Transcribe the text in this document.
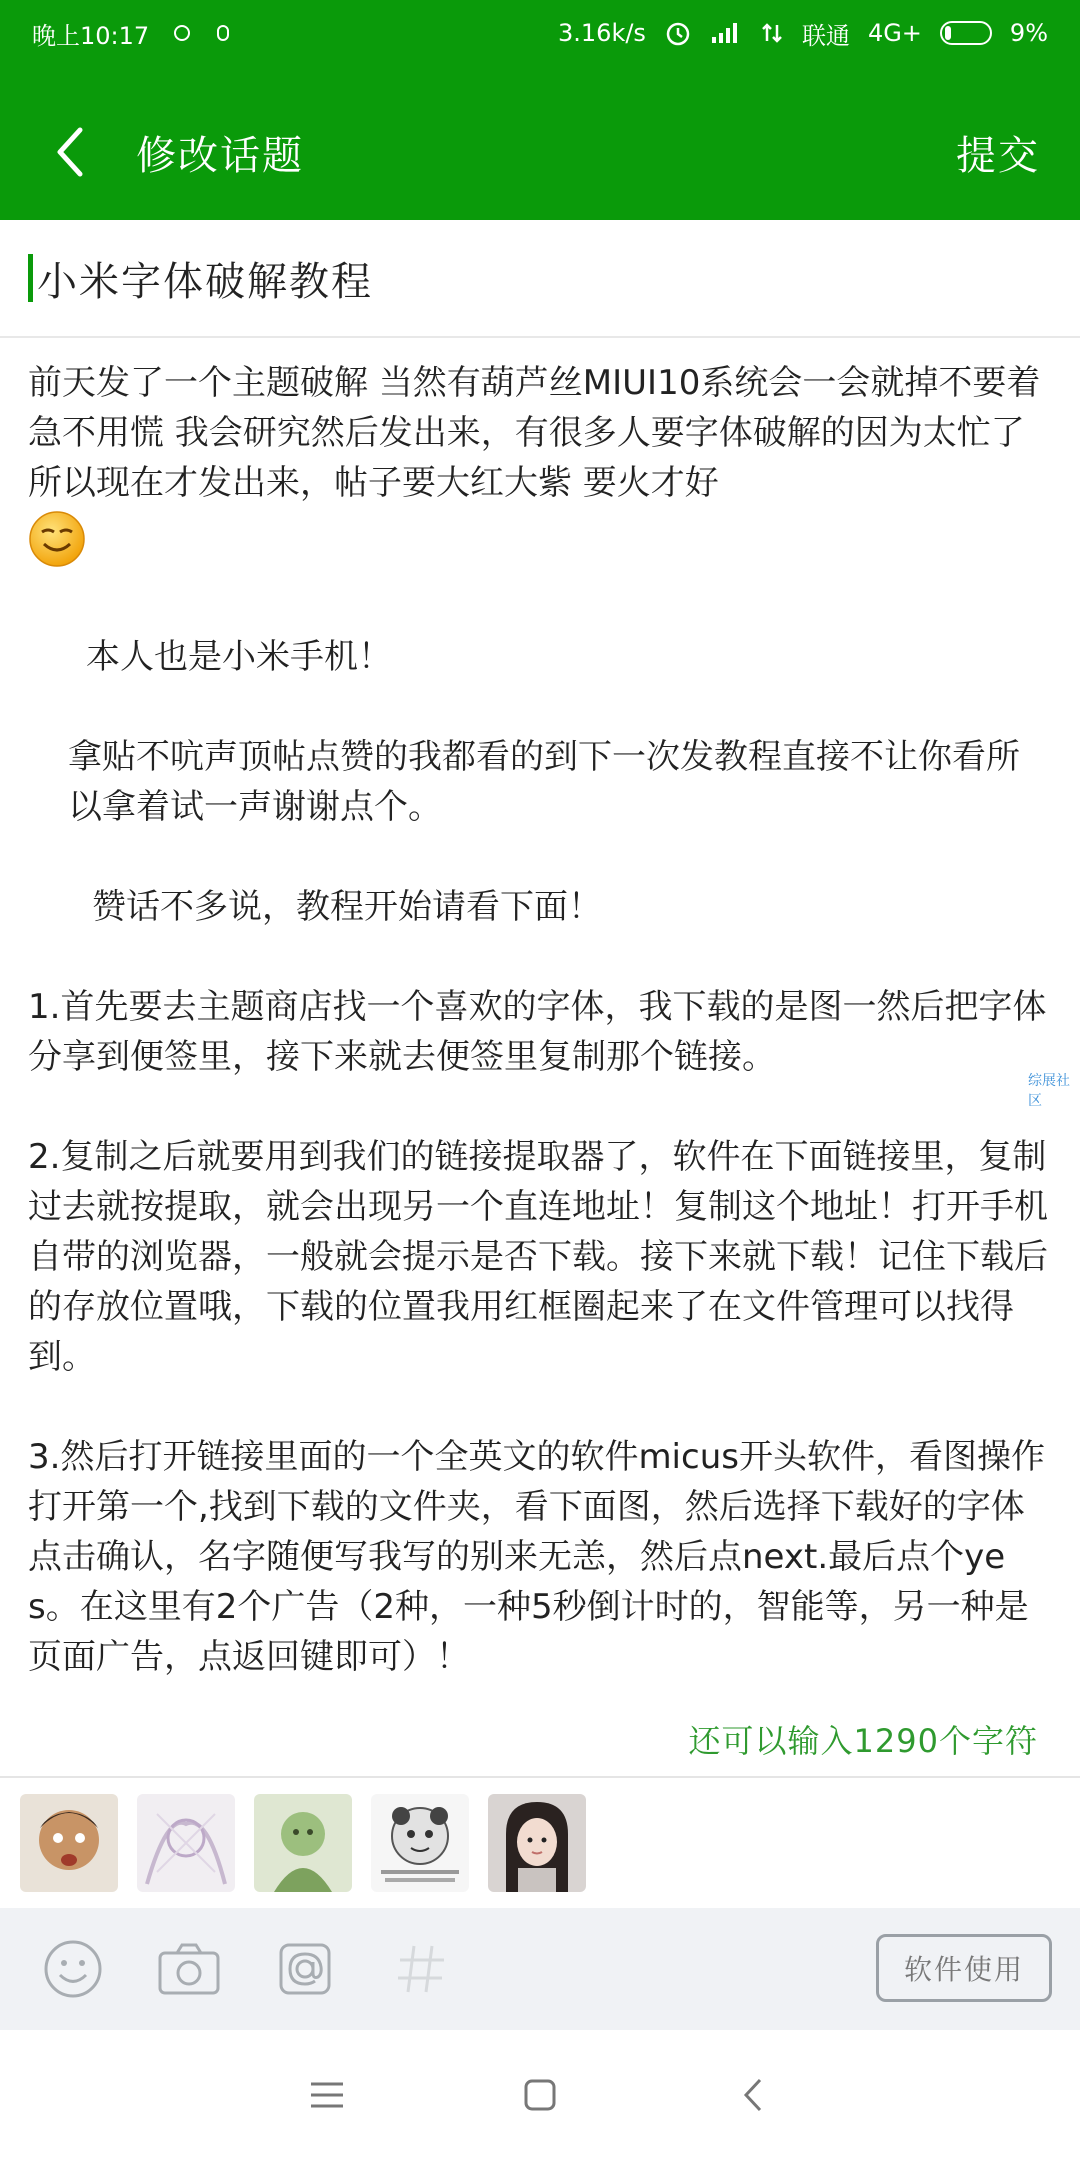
晚上10:17	3.16k/s	联通 4G+	9%
修改话题	提交
小米字体破解教程

前天发了一个主题破解 当然有葫芦丝MIUI10系统会一会就掉不要着急不用慌 我会研究然后发出来，有很多人要字体破解的因为太忙了所以现在才发出来，帖子要大红大紫 要火才好

本人也是小米手机！

拿贴不吭声顶帖点赞的我都看的到下一次发教程直接不让你看所以拿着试一声谢谢点个。

赞话不多说，教程开始请看下面！

1.首先要去主题商店找一个喜欢的字体，我下载的是图一然后把字体分享到便签里，接下来就去便签里复制那个链接。

2.复制之后就要用到我们的链接提取器了，软件在下面链接里，复制过去就按提取，就会出现另一个直连地址！复制这个地址！打开手机自带的浏览器，一般就会提示是否下载。接下来就下载！记住下载后的存放位置哦，下载的位置我用红框圈起来了在文件管理可以找得到。

3.然后打开链接里面的一个全英文的软件micus开头软件，看图操作打开第一个,找到下载的文件夹，看下面图，然后选择下载好的字体点击确认，名字随便写我写的别来无恙，然后点next.最后点个yes。在这里有2个广告（2种，一种5秒倒计时的，智能等，另一种是页面广告，点返回键即可）！

综展社区
还可以输入1290个字符
软件使用
